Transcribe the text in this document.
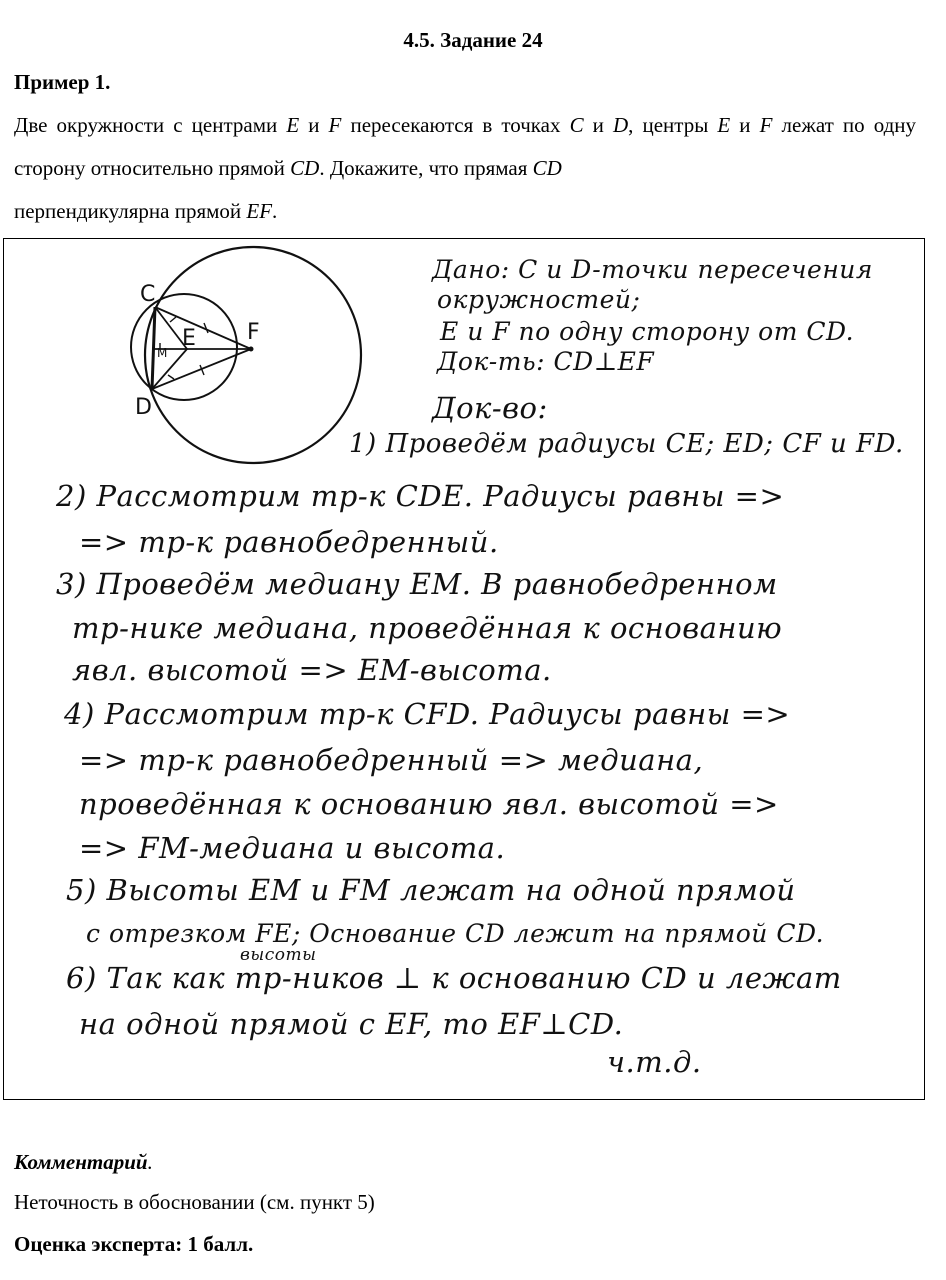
4.5. Задание 24
Пример 1.

Две окружности с центрами E и F пересекаются в точках C и D, центры E и F лежат по одну сторону относительно прямой CD. Докажите, что прямая CD
перпендикулярна прямой EF.

C
D
E F
M
Дано: C и D-точки пересечения
окружностей;
E и F по одну сторону от CD.
Док-ть: CD⊥EF
Док-во:
1) Проведём радиусы CE; ED; CF и FD.
2) Рассмотрим тр-к CDE. Радиусы равны =>
=> тр-к равнобедренный.
3) Проведём медиану EM. В равнобедренном
тр-нике медиана, проведённая к основанию
явл. высотой => EM-высота.
4) Рассмотрим тр-к CFD. Радиусы равны =>
=> тр-к равнобедренный => медиана,
проведённая к основанию явл. высотой =>
=> FM-медиана и высота.
5) Высоты EM и FM лежат на одной прямой
с отрезком FE; Основание CD лежит на прямой CD.
высоты
6) Так как тр-ников ⊥ к основанию CD и лежат
на одной прямой с EF, то EF⊥CD.
ч.т.д.
Комментарий.
Неточность в обосновании (см. пункт 5)
Оценка эксперта: 1 балл.
